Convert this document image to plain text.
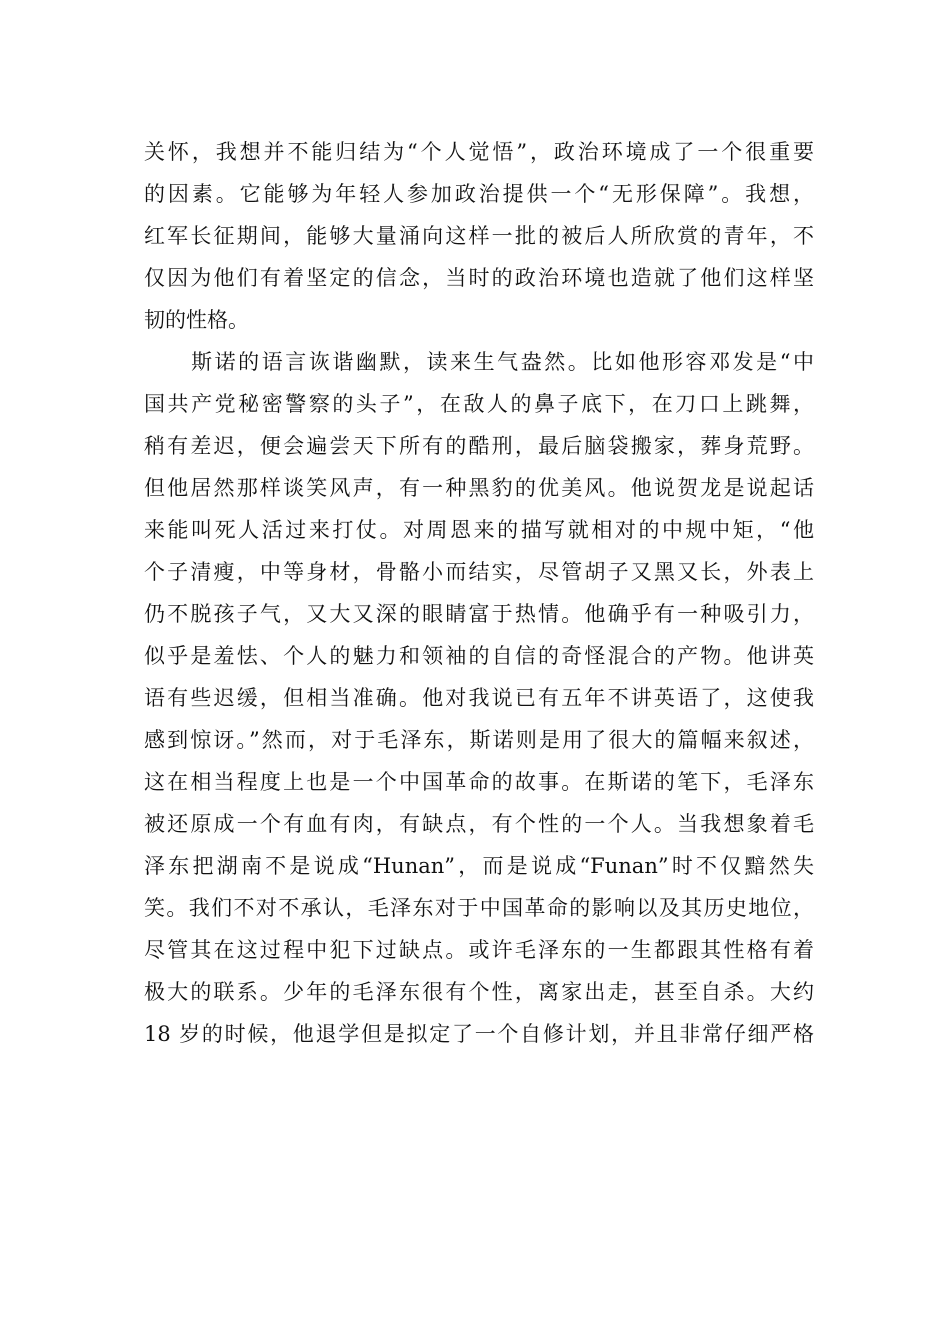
关怀，我想并不能归结为“个人觉悟”，政治环境成了一个很重要
的因素。它能够为年轻人参加政治提供一个“无形保障”。我想，
红军长征期间，能够大量涌向这样一批的被后人所欣赏的青年，不
仅因为他们有着坚定的信念，当时的政治环境也造就了他们这样坚
韧的性格。
　　斯诺的语言诙谐幽默，读来生气盎然。比如他形容邓发是“中
国共产党秘密警察的头子”，在敌人的鼻子底下，在刀口上跳舞，
稍有差迟，便会遍尝天下所有的酷刑，最后脑袋搬家，葬身荒野。
但他居然那样谈笑风声，有一种黑豹的优美风。他说贺龙是说起话
来能叫死人活过来打仗。对周恩来的描写就相对的中规中矩，“他
个子清瘦，中等身材，骨骼小而结实，尽管胡子又黑又长，外表上
仍不脱孩子气，又大又深的眼睛富于热情。他确乎有一种吸引力，
似乎是羞怯、个人的魅力和领袖的自信的奇怪混合的产物。他讲英
语有些迟缓，但相当准确。他对我说已有五年不讲英语了，这使我
感到惊讶。”然而，对于毛泽东，斯诺则是用了很大的篇幅来叙述，
这在相当程度上也是一个中国革命的故事。在斯诺的笔下，毛泽东
被还原成一个有血有肉，有缺点，有个性的一个人。当我想象着毛
泽东把湖南不是说成“Hunan”，而是说成“Funan”时不仅黯然失
笑。我们不对不承认，毛泽东对于中国革命的影响以及其历史地位，
尽管其在这过程中犯下过缺点。或许毛泽东的一生都跟其性格有着
极大的联系。少年的毛泽东很有个性，离家出走，甚至自杀。大约
18 岁的时候，他退学但是拟定了一个自修计划，并且非常仔细严格
